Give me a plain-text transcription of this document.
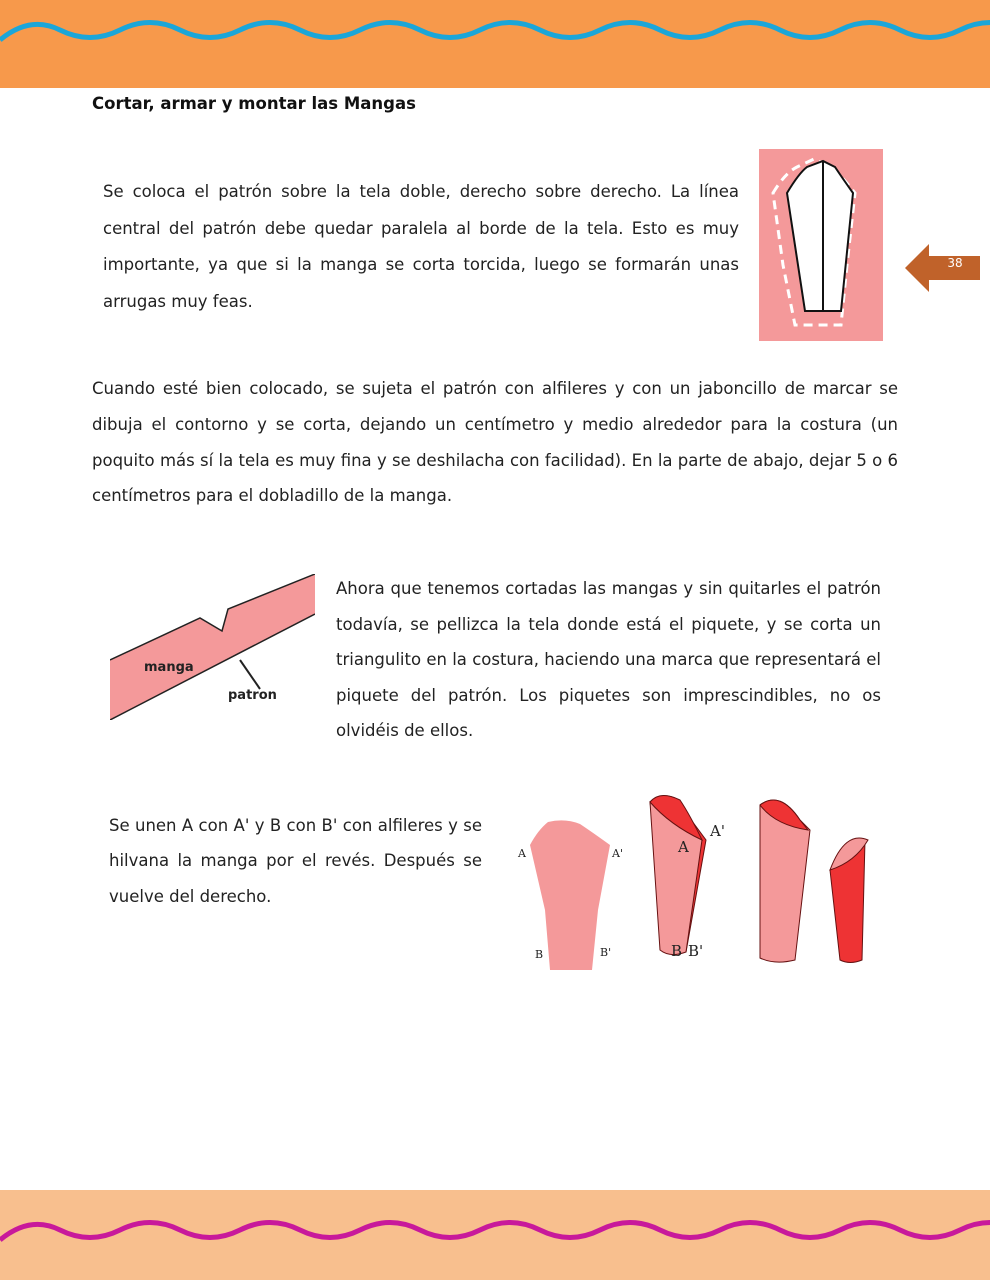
Cortar, armar y montar las Mangas

Se coloca el patrón sobre la tela doble, derecho sobre derecho. La línea central del patrón debe quedar paralela al borde de la tela. Esto es muy importante, ya que si la manga se corta torcida, luego se formarán unas arrugas muy feas.

38

Cuando esté bien colocado, se sujeta el patrón con alfileres y con un jaboncillo de marcar se dibuja el contorno y se corta, dejando un centímetro y medio alrededor para la costura (un poquito más sí la tela es muy fina y se deshilacha con facilidad). En la parte de abajo, dejar 5 o 6 centímetros para el dobladillo de la manga.

manga
patron

Ahora que tenemos cortadas las mangas y sin quitarles el patrón todavía, se pellizca la tela donde está el piquete, y se corta un triangulito en la costura, haciendo una marca que representará el piquete del patrón. Los piquetes son imprescindibles, no os olvidéis de ellos.

Se unen A con A' y B con B' con alfileres y se hilvana la manga por el revés. Después se vuelve del derecho.

A	A'
B	B'
A
A'
B B'
